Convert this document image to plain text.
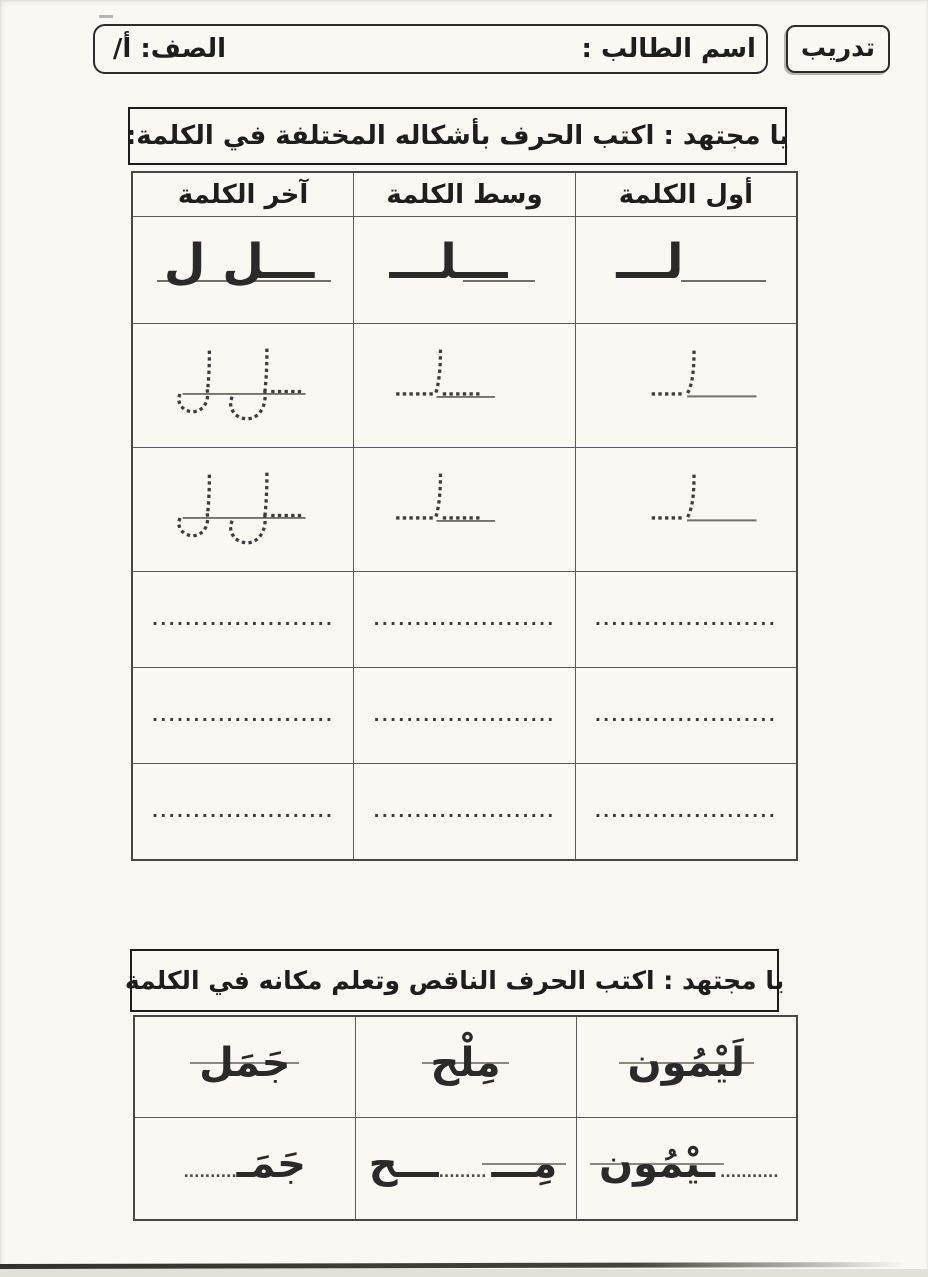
تدريب
اسم الطالب :
الصف: أ/
يا مجتهد : اكتب الحرف بأشكاله المختلفة في الكلمة:
أول الكلمة	وسط الكلمة	آخر الكلمة

لـــ	ـــلـــ	ـــل ل

......................	......................	......................
......................	......................	......................
......................	......................	......................
يا مجتهد : اكتب الحرف الناقص وتعلم مكانه في الكلمة
لَيْمُون	مِلْح	جَمَل

...........ـيْمُون	مِـــ.........ـــح	جَمَـ..........
